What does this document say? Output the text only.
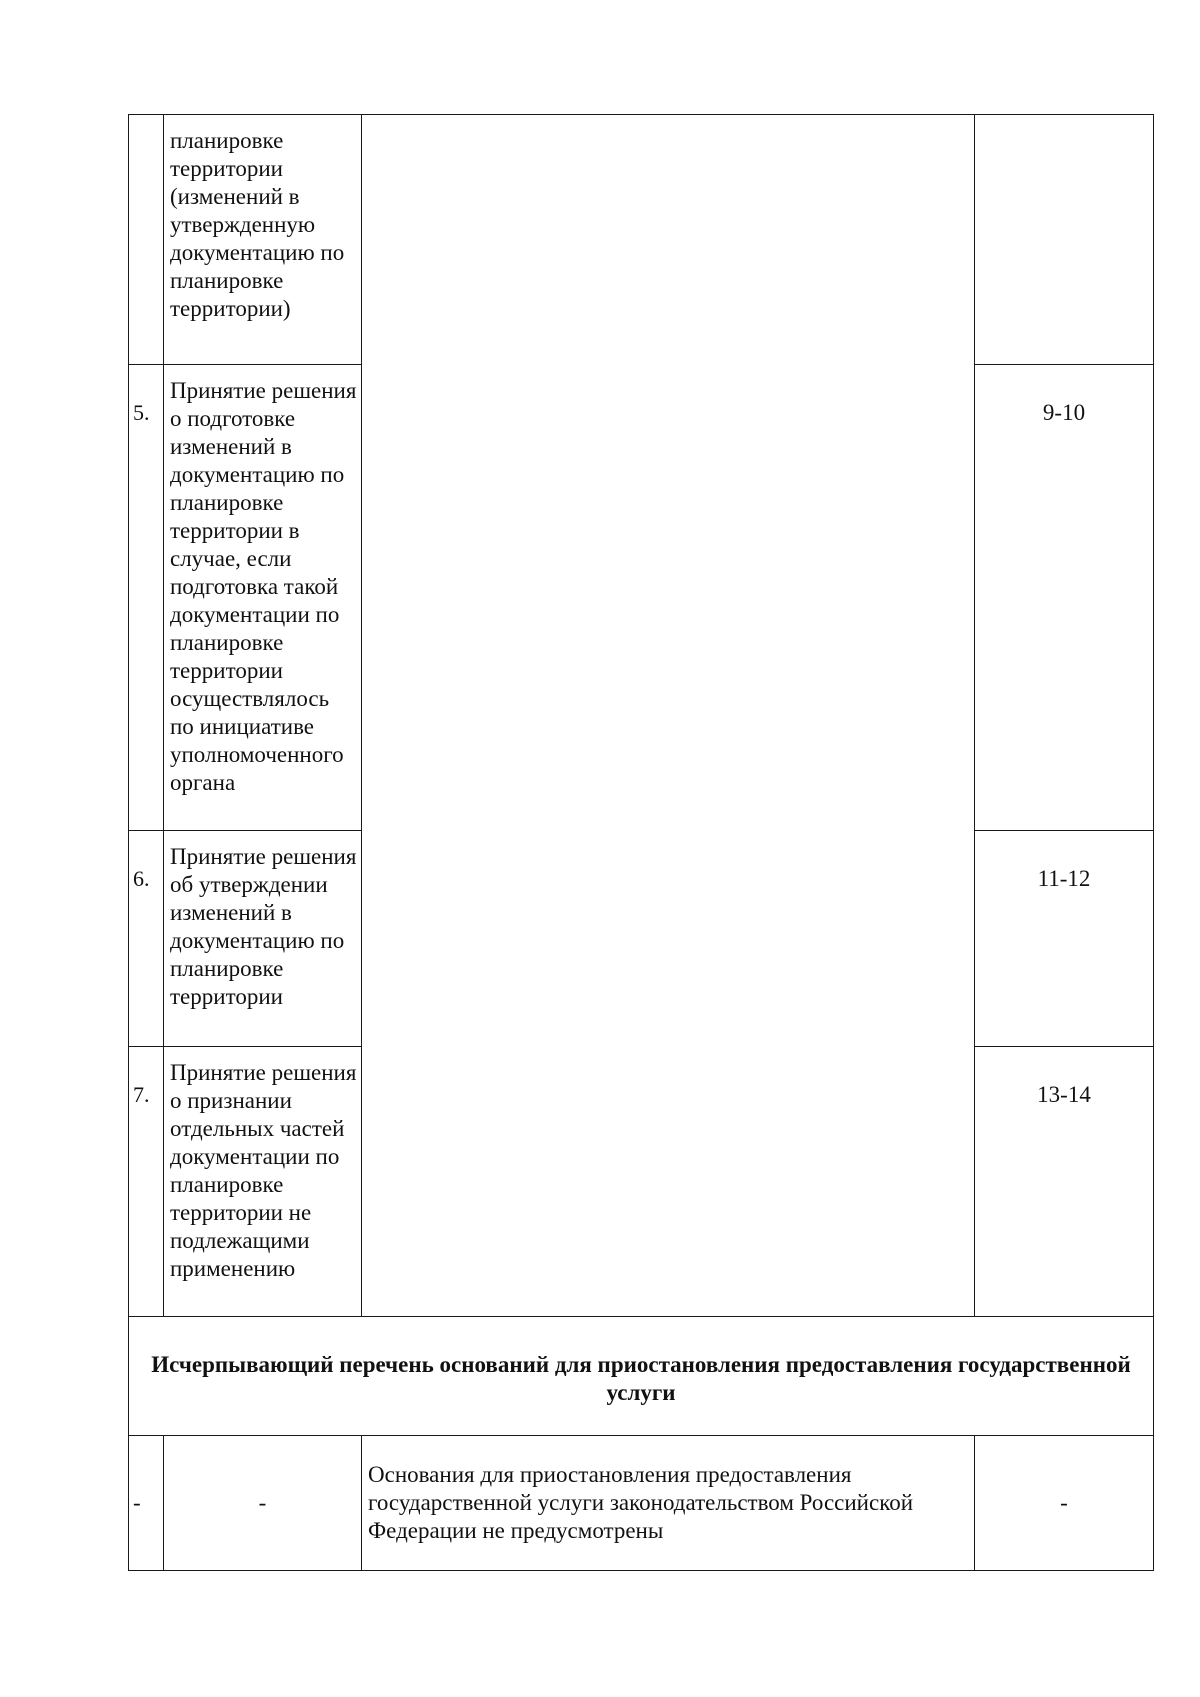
	планировке территории (изменений в утвержденную документацию по планировке территории)		
5.	Принятие решения о подготовке изменений в документацию по планировке территории в случае, если подготовка такой документации по планировке территории осуществлялось по инициативе уполномоченного органа		9-10
6.	Принятие решения об утверждении изменений в документацию по планировке территории		11-12
7.	Принятие решения о признании отдельных частей документации по планировке территории не подлежащими применению		13-14
Исчерпывающий перечень оснований для приостановления предоставления государственной услуги			
-	-	Основания для приостановления предоставления государственной услуги законодательством Российской Федерации не предусмотрены	-
